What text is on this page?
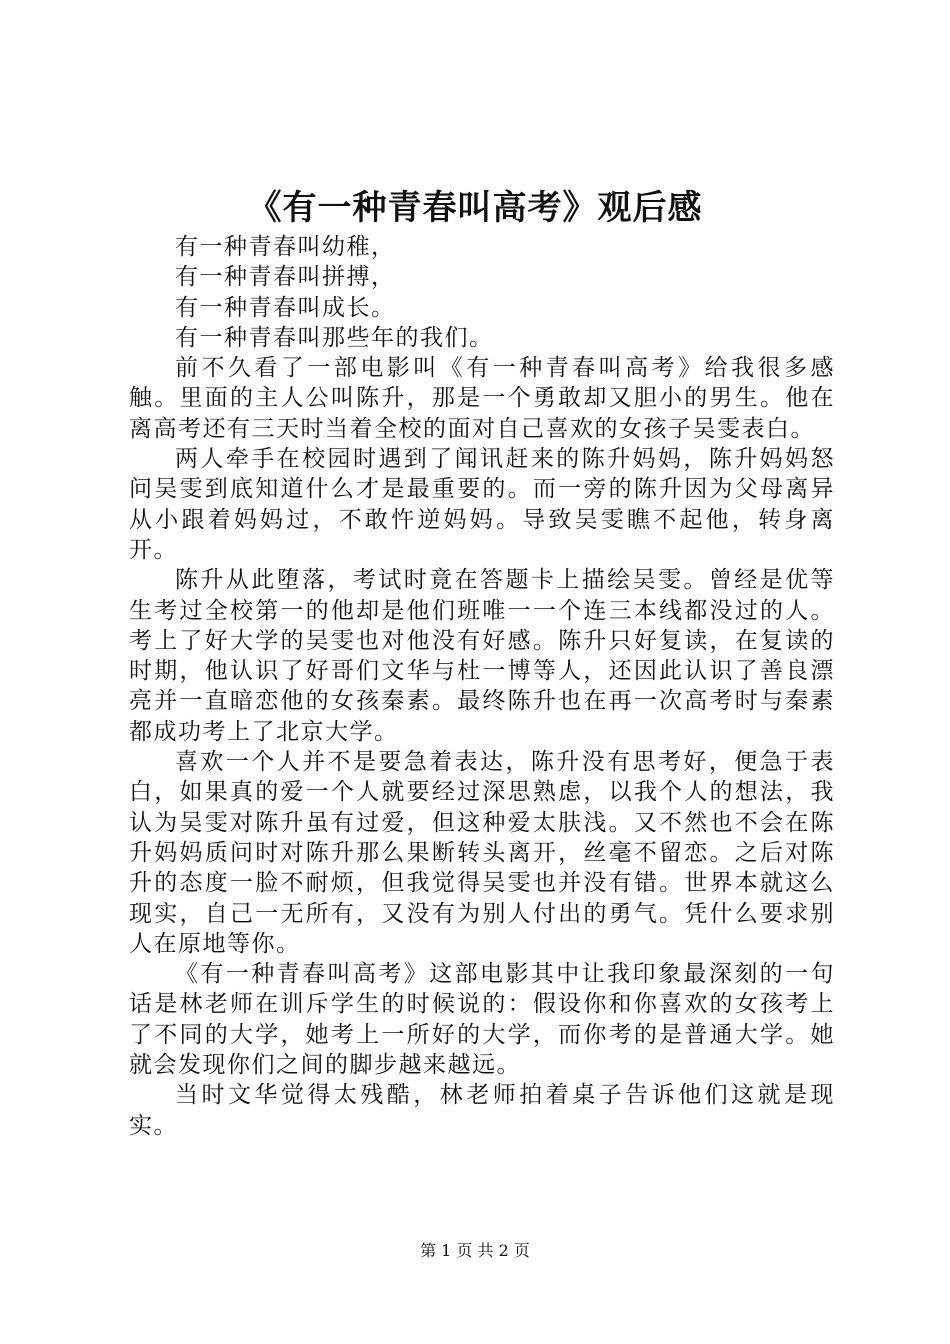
《有一种青春叫高考》观后感

有一种青春叫幼稚，

有一种青春叫拼搏，

有一种青春叫成长。

有一种青春叫那些年的我们。

前不久看了一部电影叫《有一种青春叫高考》给我很多感触。里面的主人公叫陈升，那是一个勇敢却又胆小的男生。他在离高考还有三天时当着全校的面对自己喜欢的女孩子吴雯表白。

两人牵手在校园时遇到了闻讯赶来的陈升妈妈，陈升妈妈怒问吴雯到底知道什么才是最重要的。而一旁的陈升因为父母离异从小跟着妈妈过，不敢忤逆妈妈。导致吴雯瞧不起他，转身离开。

陈升从此堕落，考试时竟在答题卡上描绘吴雯。曾经是优等生考过全校第一的他却是他们班唯一一个连三本线都没过的人。考上了好大学的吴雯也对他没有好感。陈升只好复读，在复读的时期，他认识了好哥们文华与杜一博等人，还因此认识了善良漂亮并一直暗恋他的女孩秦素。最终陈升也在再一次高考时与秦素都成功考上了北京大学。

喜欢一个人并不是要急着表达，陈升没有思考好，便急于表白，如果真的爱一个人就要经过深思熟虑，以我个人的想法，我认为吴雯对陈升虽有过爱，但这种爱太肤浅。又不然也不会在陈升妈妈质问时对陈升那么果断转头离开，丝毫不留恋。之后对陈升的态度一脸不耐烦，但我觉得吴雯也并没有错。世界本就这么现实，自己一无所有，又没有为别人付出的勇气。凭什么要求别人在原地等你。

《有一种青春叫高考》这部电影其中让我印象最深刻的一句话是林老师在训斥学生的时候说的：假设你和你喜欢的女孩考上了不同的大学，她考上一所好的大学，而你考的是普通大学。她就会发现你们之间的脚步越来越远。

当时文华觉得太残酷，林老师拍着桌子告诉他们这就是现实。

第 1 页 共 2 页
